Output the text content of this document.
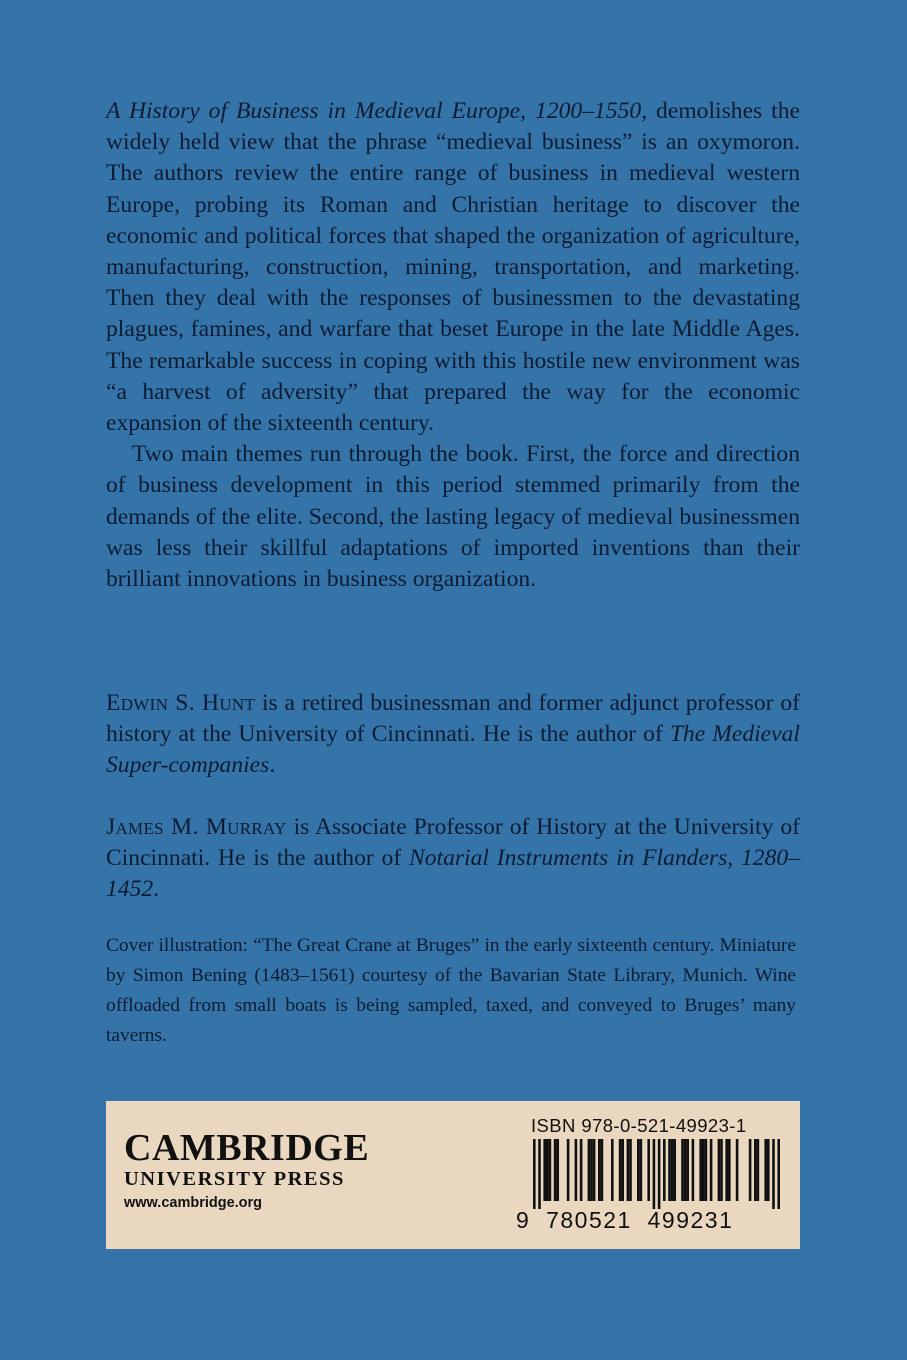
A History of Business in Medieval Europe, 1200–1550, demolishes the widely held view that the phrase “medieval business” is an oxymoron. The authors review the entire range of business in medieval western Europe, probing its Roman and Christian heritage to discover the economic and political forces that shaped the organization of agriculture, manufacturing, construction, mining, transportation, and marketing. Then they deal with the responses of businessmen to the devastating plagues, famines, and warfare that beset Europe in the late Middle Ages. The remarkable success in coping with this hostile new environment was “a harvest of adversity” that prepared the way for the economic expansion of the sixteenth century.

Two main themes run through the book. First, the force and direction of business development in this period stemmed primarily from the demands of the elite. Second, the lasting legacy of medieval businessmen was less their skillful adaptations of imported inventions than their brilliant innovations in business organization.

Edwin S. Hunt is a retired businessman and former adjunct professor of history at the University of Cincinnati. He is the author of The Medieval Super-companies.

James M. Murray is Associate Professor of History at the University of Cincinnati. He is the author of Notarial Instruments in Flanders, 1280–1452.

Cover illustration: “The Great Crane at Bruges” in the early sixteenth century. Miniature by Simon Bening (1483–1561) courtesy of the Bavarian State Library, Munich. Wine offloaded from small boats is being sampled, taxed, and conveyed to Bruges’ many taverns.

CAMBRIDGE
UNIVERSITY PRESS
www.cambridge.org
ISBN 978-0-521-49923-1
9 780521 499231
